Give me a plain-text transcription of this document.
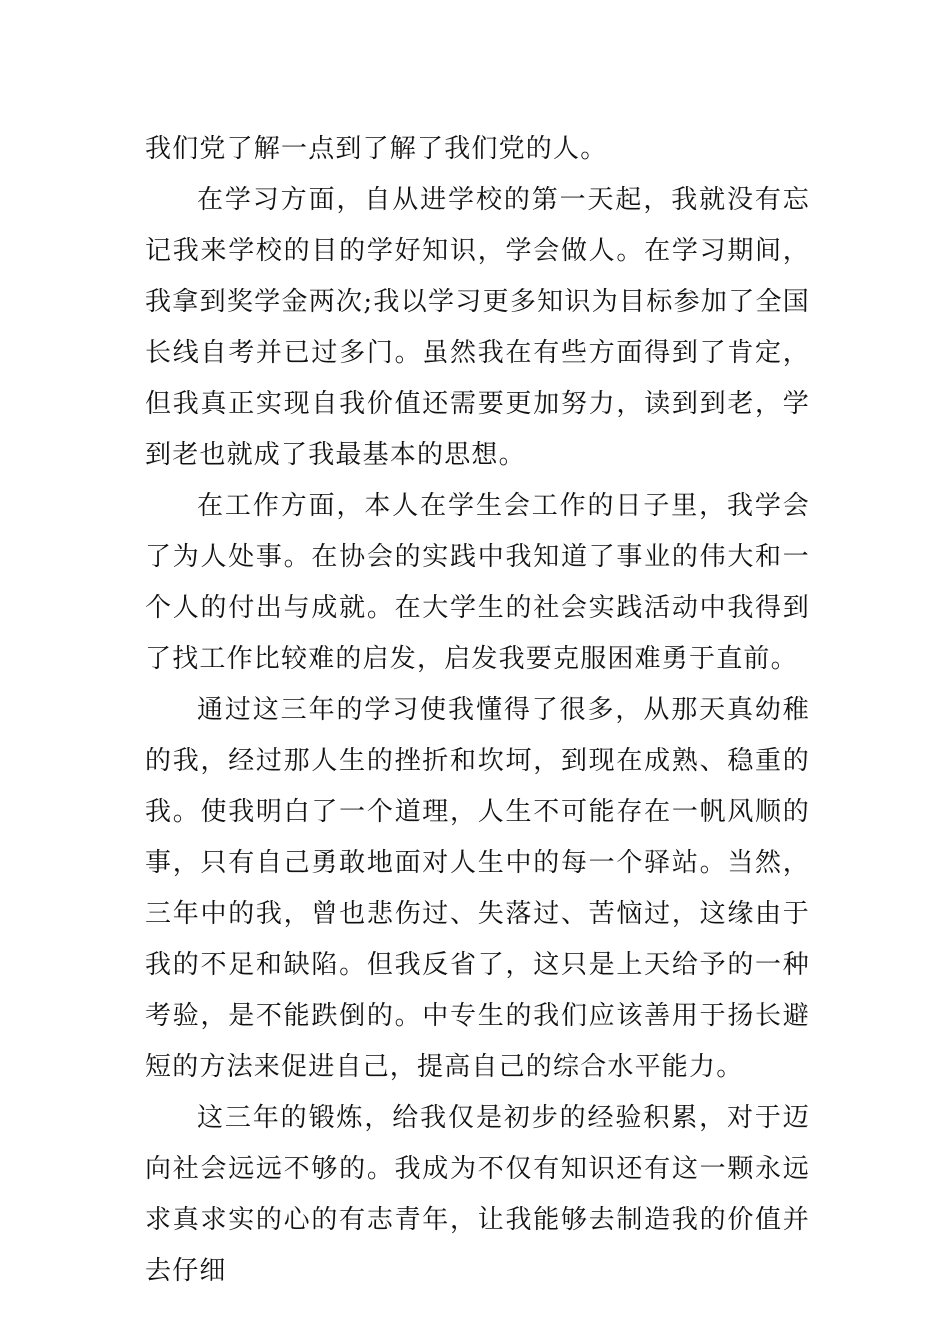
我们党了解一点到了解了我们党的人。

在学习方面，自从进学校的第一天起，我就没有忘记我来学校的目的学好知识，学会做人。在学习期间，我拿到奖学金两次;我以学习更多知识为目标参加了全国长线自考并已过多门。虽然我在有些方面得到了肯定，但我真正实现自我价值还需要更加努力，读到到老，学到老也就成了我最基本的思想。

在工作方面，本人在学生会工作的日子里，我学会了为人处事。在协会的实践中我知道了事业的伟大和一个人的付出与成就。在大学生的社会实践活动中我得到了找工作比较难的启发，启发我要克服困难勇于直前。

通过这三年的学习使我懂得了很多，从那天真幼稚的我，经过那人生的挫折和坎坷，到现在成熟、稳重的我。使我明白了一个道理，人生不可能存在一帆风顺的事，只有自己勇敢地面对人生中的每一个驿站。当然，三年中的我，曾也悲伤过、失落过、苦恼过，这缘由于我的不足和缺陷。但我反省了，这只是上天给予的一种考验，是不能跌倒的。中专生的我们应该善用于扬长避短的方法来促进自己，提高自己的综合水平能力。

这三年的锻炼，给我仅是初步的经验积累，对于迈向社会远远不够的。我成为不仅有知识还有这一颗永远求真求实的心的有志青年，让我能够去制造我的价值并去仔细
